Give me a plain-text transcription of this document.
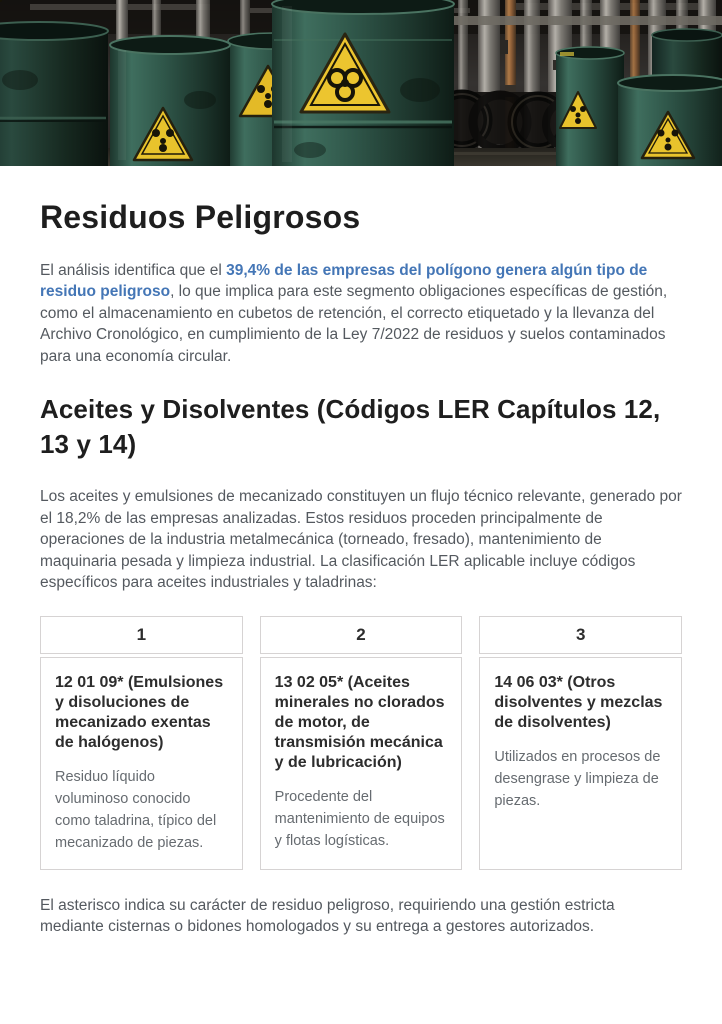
Residuos Peligrosos

El análisis identifica que el 39,4% de las empresas del polígono genera algún tipo de residuo peligroso, lo que implica para este segmento obligaciones específicas de gestión, como el almacenamiento en cubetos de retención, el correcto etiquetado y la llevanza del Archivo Cronológico, en cumplimiento de la Ley 7/2022 de residuos y suelos contaminados para una economía circular.

Aceites y Disolventes (Códigos LER Capítulos 12, 13 y 14)

Los aceites y emulsiones de mecanizado constituyen un flujo técnico relevante, generado por el 18,2% de las empresas analizadas. Estos residuos proceden principalmente de operaciones de la industria metalmecánica (torneado, fresado), mantenimiento de maquinaria pesada y limpieza industrial. La clasificación LER aplicable incluye códigos específicos para aceites industriales y taladrinas:

1

12 01 09* (Emulsiones y disoluciones de mecanizado exentas de halógenos)

Residuo líquido voluminoso conocido como taladrina, típico del mecanizado de piezas.

2

13 02 05* (Aceites minerales no clorados de motor, de transmisión mecánica y de lubricación)

Procedente del mantenimiento de equipos y flotas logísticas.

3

14 06 03* (Otros disolventes y mezclas de disolventes)

Utilizados en procesos de desengrase y limpieza de piezas.

El asterisco indica su carácter de residuo peligroso, requiriendo una gestión estricta mediante cisternas o bidones homologados y su entrega a gestores autorizados.
